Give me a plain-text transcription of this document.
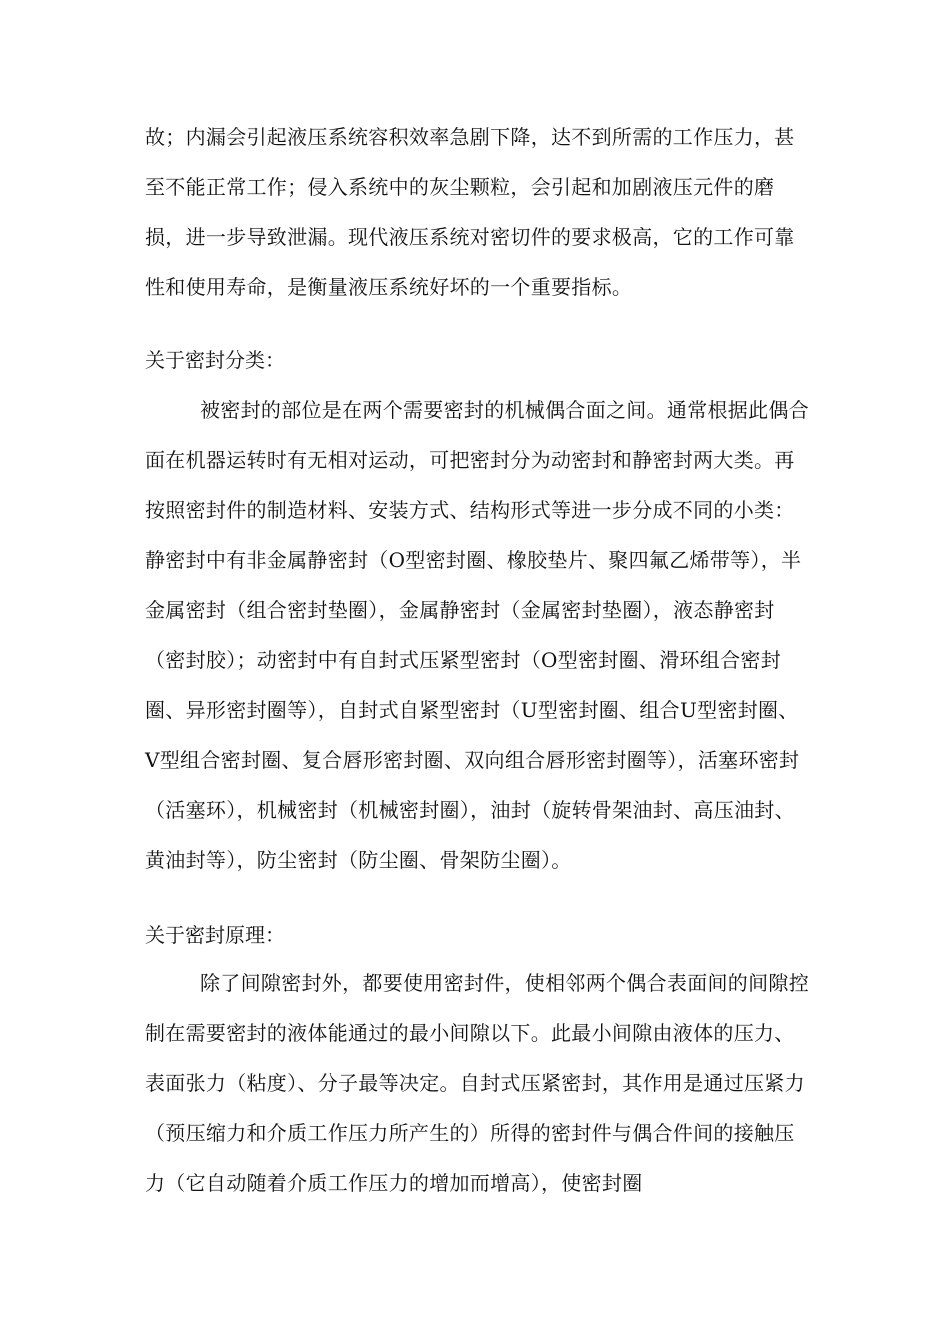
故；内漏会引起液压系统容积效率急剧下降，达不到所需的工作压力，甚至不能正常工作；侵入系统中的灰尘颗粒，会引起和加剧液压元件的磨损，进一步导致泄漏。现代液压系统对密切件的要求极高，它的工作可靠性和使用寿命，是衡量液压系统好坏的一个重要指标。

关于密封分类：

被密封的部位是在两个需要密封的机械偶合面之间。通常根据此偶合面在机器运转时有无相对运动，可把密封分为动密封和静密封两大类。再按照密封件的制造材料、安装方式、结构形式等进一步分成不同的小类：静密封中有非金属静密封（O型密封圈、橡胶垫片、聚四氟乙烯带等），半金属密封（组合密封垫圈），金属静密封（金属密封垫圈），液态静密封（密封胶）；动密封中有自封式压紧型密封（O型密封圈、滑环组合密封圈、异形密封圈等），自封式自紧型密封（U型密封圈、组合U型密封圈、V型组合密封圈、复合唇形密封圈、双向组合唇形密封圈等），活塞环密封（活塞环），机械密封（机械密封圈），油封（旋转骨架油封、高压油封、黄油封等），防尘密封（防尘圈、骨架防尘圈）。

关于密封原理：

除了间隙密封外，都要使用密封件，使相邻两个偶合表面间的间隙控制在需要密封的液体能通过的最小间隙以下。此最小间隙由液体的压力、表面张力（粘度）、分子最等决定。自封式压紧密封，其作用是通过压紧力（预压缩力和介质工作压力所产生的）所得的密封件与偶合件间的接触压力（它自动随着介质工作压力的增加而增高），使密封圈
